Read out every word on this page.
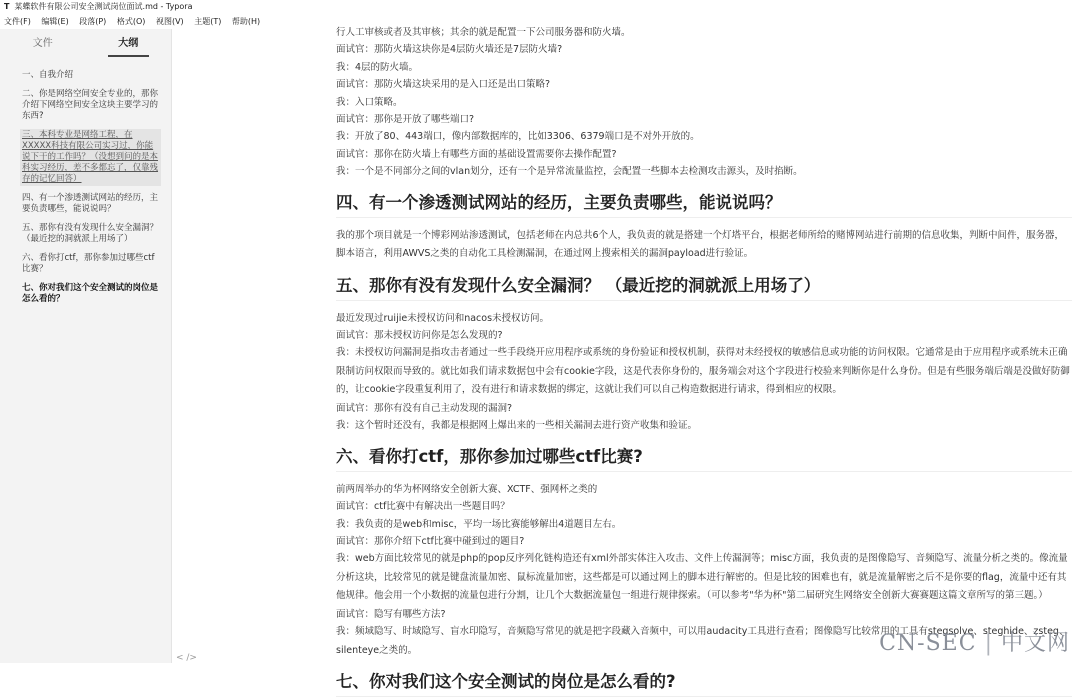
T 某蝶软件有限公司安全测试岗位面试.md - Typora
文件(F) 编辑(E) 段落(P) 格式(O) 视图(V) 主题(T) 帮助(H)
文件	大纲
一、自我介绍
二、你是网络空间安全专业的，那你介绍下网络空间安全这块主要学习的东西?
三、本科专业是网络工程，在XXXXX科技有限公司实习过，你能说下干的工作吗？（没想到问的是本科实习经历，差不多都忘了，仅靠残存的记忆回答）
四、有一个渗透测试网站的经历，主要负责哪些，能说说吗？
五、那你有没有发现什么安全漏洞？（最近挖的洞就派上用场了）
六、看你打ctf，那你参加过哪些ctf比赛？
七、你对我们这个安全测试的岗位是怎么看的？
< />

行人工审核或者及其审核；其余的就是配置一下公司服务器和防火墙。

面试官：那防火墙这块你是4层防火墙还是7层防火墙?

我：4层的防火墙。

面试官：那防火墙这块采用的是入口还是出口策略?

我：入口策略。

面试官：那你是开放了哪些端口?

我：开放了80、443端口，像内部数据库的，比如3306、6379端口是不对外开放的。

面试官：那你在防火墙上有哪些方面的基础设置需要你去操作配置?

我：一个是不同部分之间的vlan划分，还有一个是异常流量监控，会配置一些脚本去检测攻击源头，及时掐断。

四、有一个渗透测试网站的经历，主要负责哪些，能说说吗？

我的那个项目就是一个博彩网站渗透测试，包括老师在内总共6个人，我负责的就是搭建一个灯塔平台，根据老师所给的赌博网站进行前期的信息收集，判断中间件，服务器，脚本语言，利用AWVS之类的自动化工具检测漏洞，在通过网上搜索相关的漏洞payload进行验证。

五、那你有没有发现什么安全漏洞？ （最近挖的洞就派上用场了）

最近发现过ruijie未授权访问和nacos未授权访问。

面试官：那未授权访问你是怎么发现的?

我：未授权访问漏洞是指攻击者通过一些手段绕开应用程序或系统的身份验证和授权机制，获得对未经授权的敏感信息或功能的访问权限。它通常是由于应用程序或系统未正确限制访问权限而导致的。就比如我们请求数据包中会有cookie字段，这是代表你身份的，服务端会对这个字段进行校验来判断你是什么身份。但是有些服务端后端是没做好防御的，让cookie字段重复利用了，没有进行和请求数据的绑定，这就让我们可以自己构造数据进行请求，得到相应的权限。

面试官：那你有没有自己主动发现的漏洞?

我：这个暂时还没有，我都是根据网上爆出来的一些相关漏洞去进行资产收集和验证。

六、看你打ctf，那你参加过哪些ctf比赛?

前两周举办的华为杯网络安全创新大赛、XCTF、强网杯之类的

面试官：ctf比赛中有解决出一些题目吗？

我：我负责的是web和misc，平均一场比赛能够解出4道题目左右。

面试官：那你介绍下ctf比赛中碰到过的题目?

我：web方面比较常见的就是php的pop反序列化链构造还有xml外部实体注入攻击、文件上传漏洞等；misc方面，我负责的是图像隐写、音频隐写、流量分析之类的。像流量分析这块，比较常见的就是键盘流量加密、鼠标流量加密，这些都是可以通过网上的脚本进行解密的。但是比较的困难也有，就是流量解密之后不是你要的flag，流量中还有其他规律。他会用一个小数据的流量包进行分割，让几个大数据流量包一组进行规律探索。（可以参考"华为杯"第二届研究生网络安全创新大赛赛题这篇文章所写的第三题。）

面试官：隐写有哪些方法?

我：频域隐写、时域隐写、盲水印隐写，音频隐写常见的就是把字段藏入音频中，可以用audacity工具进行查看；图像隐写比较常用的工具有stegsolve、steghide、zsteg、silenteye之类的。

七、你对我们这个安全测试的岗位是怎么看的?
CN-SEC | 中文网
